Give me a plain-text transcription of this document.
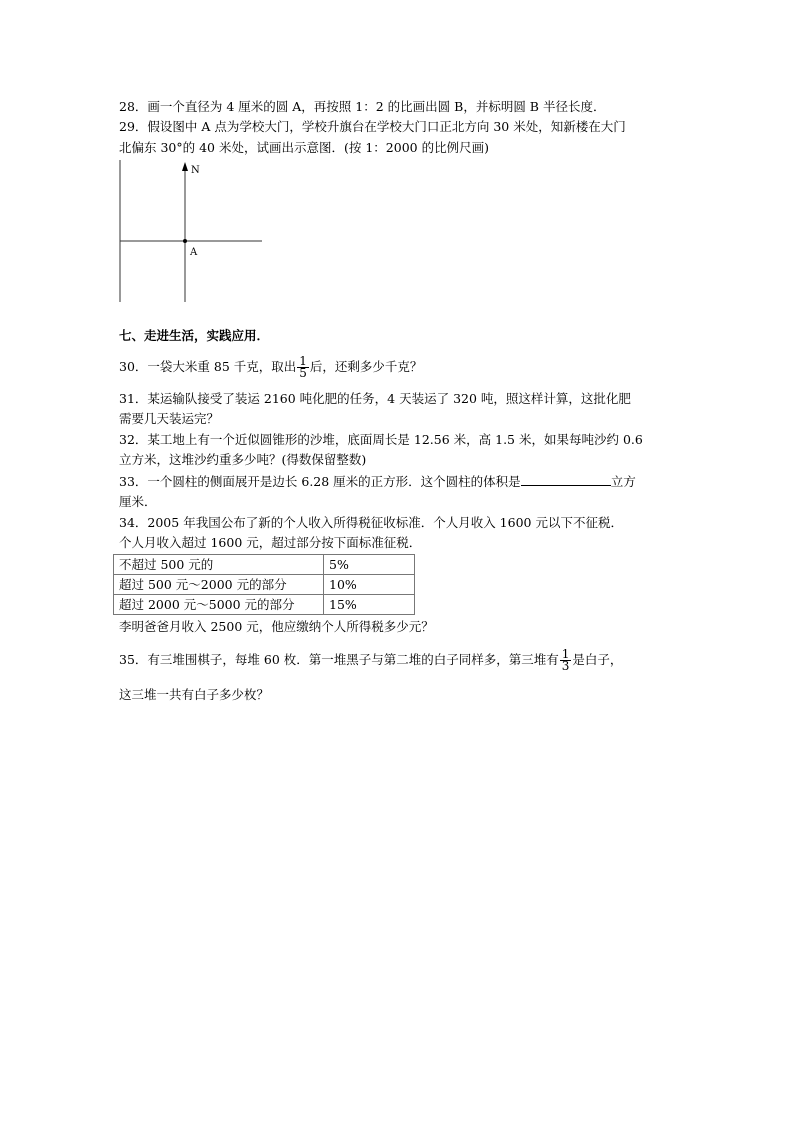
28．画一个直径为 4 厘米的圆 A，再按照 1：2 的比画出圆 B，并标明圆 B 半径长度．
29．假设图中 A 点为学校大门，学校升旗台在学校大门口正北方向 30 米处，知新楼在大门
北偏东 30°的 40 米处，试画出示意图．(按 1：2000 的比例尺画)
N
A
七、走进生活，实践应用．
30．一袋大米重 85 千克，取出 $\frac{1}{5}$ 后，还剩多少千克？
31．某运输队接受了装运 2160 吨化肥的任务，4 天装运了 320 吨，照这样计算，这批化肥
需要几天装运完？
32．某工地上有一个近似圆锥形的沙堆，底面周长是 12.56 米，高 1.5 米，如果每吨沙约 0.6
立方米，这堆沙约重多少吨？(得数保留整数)
33．一个圆柱的侧面展开是边长 6.28 厘米的正方形．这个圆柱的体积是	立方
厘米．
34．2005 年我国公布了新的个人收入所得税征收标准．个人月收入 1600 元以下不征税．
个人月收入超过 1600 元，超过部分按下面标准征税．
不超过 500 元的	5%
超过 500 元～2000 元的部分	10%
超过 2000 元～5000 元的部分	15%
李明爸爸月收入 2500 元，他应缴纳个人所得税多少元？
35．有三堆围棋子，每堆 60 枚．第一堆黑子与第二堆的白子同样多，第三堆有 $\frac{1}{3}$ 是白子，
这三堆一共有白子多少枚？
